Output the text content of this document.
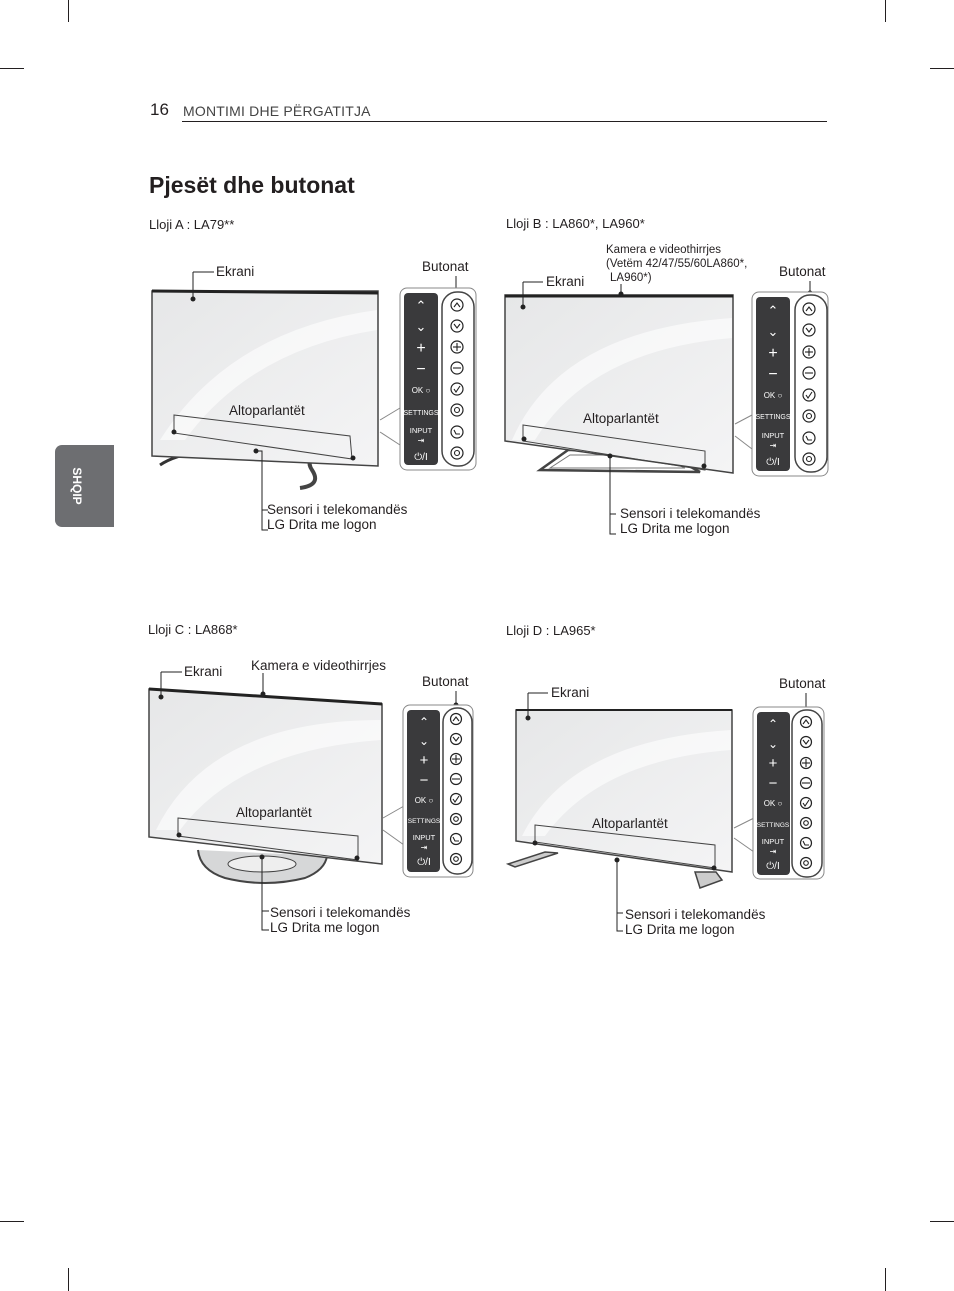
16 MONTIMI DHE PËRGATITJA
Pjesët dhe butonat
SHQIP
Lloji A : LA79**	Lloji B : LA860*, LA960*
Lloji C : LA868*	Lloji D : LA965*
⌃
⌄
+
−
OK ○
SETTINGS
INPUT
⇥
⏻/I
⌃
⌄
+
−
OK ○
SETTINGS
INPUT
⇥
⏻/I
⌃
⌄
+
−
OK ○
SETTINGS
INPUT
⇥
⏻/I
⌃
⌄
+
−
OK ○
SETTINGS
INPUT
⇥
⏻/I
Ekrani	Butonat
Altoparlantët
Sensori i telekomandës
LG Drita me logon
Ekrani
Kamera e videothirrjes
(Vetëm 42/47/55/60LA860*,
LA960*)	Butonat
Altoparlantët
Sensori i telekomandës
LG Drita me logon
Ekrani Kamera e videothirrjes
Butonat
Altoparlantët
Sensori i telekomandës
LG Drita me logon
Ekrani
Butonat
Altoparlantët
Sensori i telekomandës
LG Drita me logon
